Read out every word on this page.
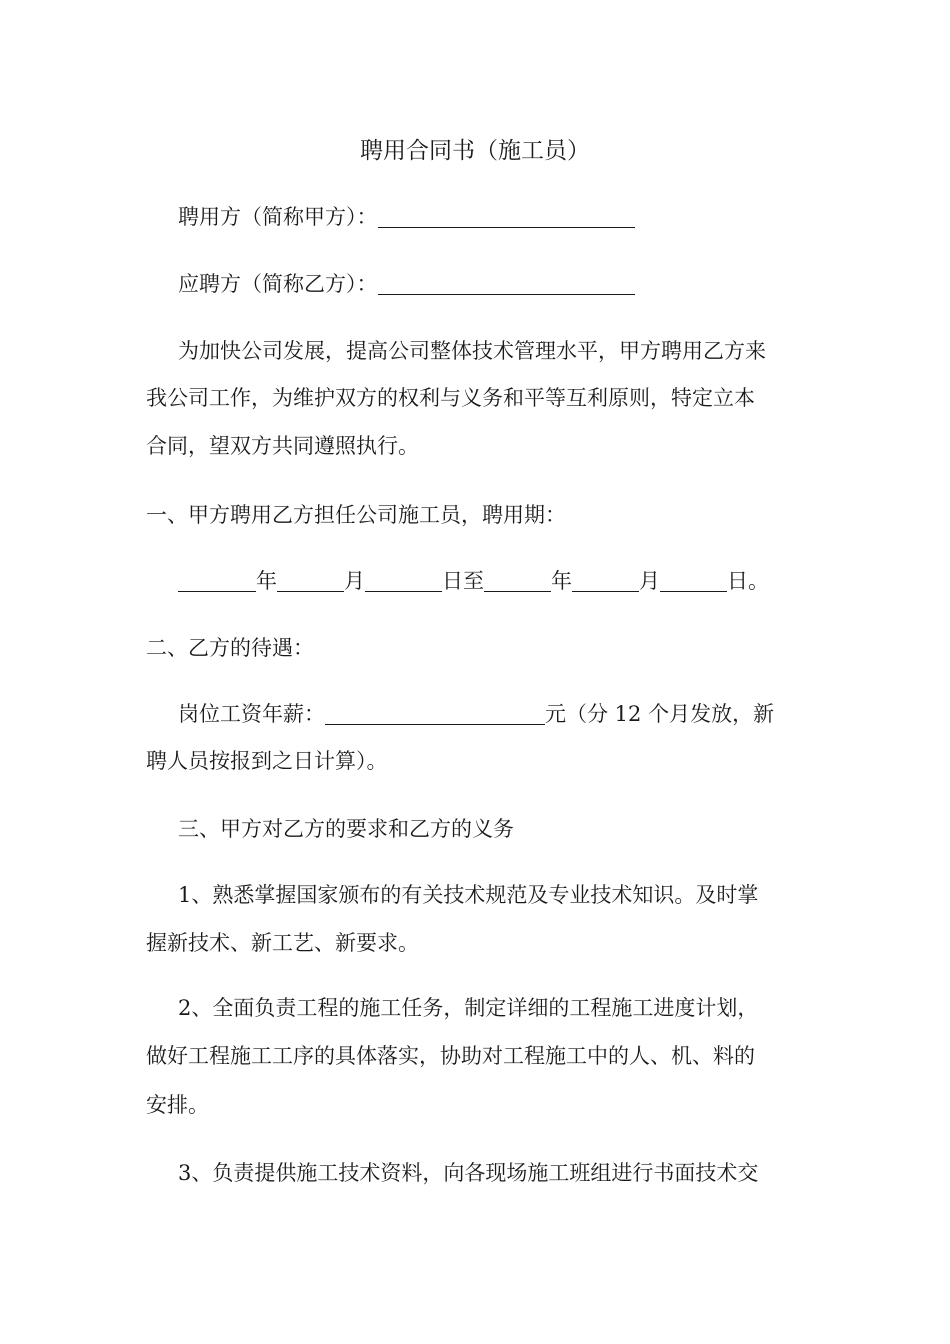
聘用合同书（施工员）
聘用方（简称甲方）：
应聘方（简称乙方）：
为加快公司发展，提高公司整体技术管理水平，甲方聘用乙方来
我公司工作，为维护双方的权利与义务和平等互利原则，特定立本
合同，望双方共同遵照执行。
一、甲方聘用乙方担任公司施工员，聘用期：
年	月	日至	年	月	日。
二、乙方的待遇：
岗位工资年薪：	元（分 12 个月发放，新
聘人员按报到之日计算）。
三、甲方对乙方的要求和乙方的义务
1、熟悉掌握国家颁布的有关技术规范及专业技术知识。及时掌
握新技术、新工艺、新要求。
2、全面负责工程的施工任务，制定详细的工程施工进度计划，
做好工程施工工序的具体落实，协助对工程施工中的人、机、料的
安排。
3、负责提供施工技术资料，向各现场施工班组进行书面技术交
